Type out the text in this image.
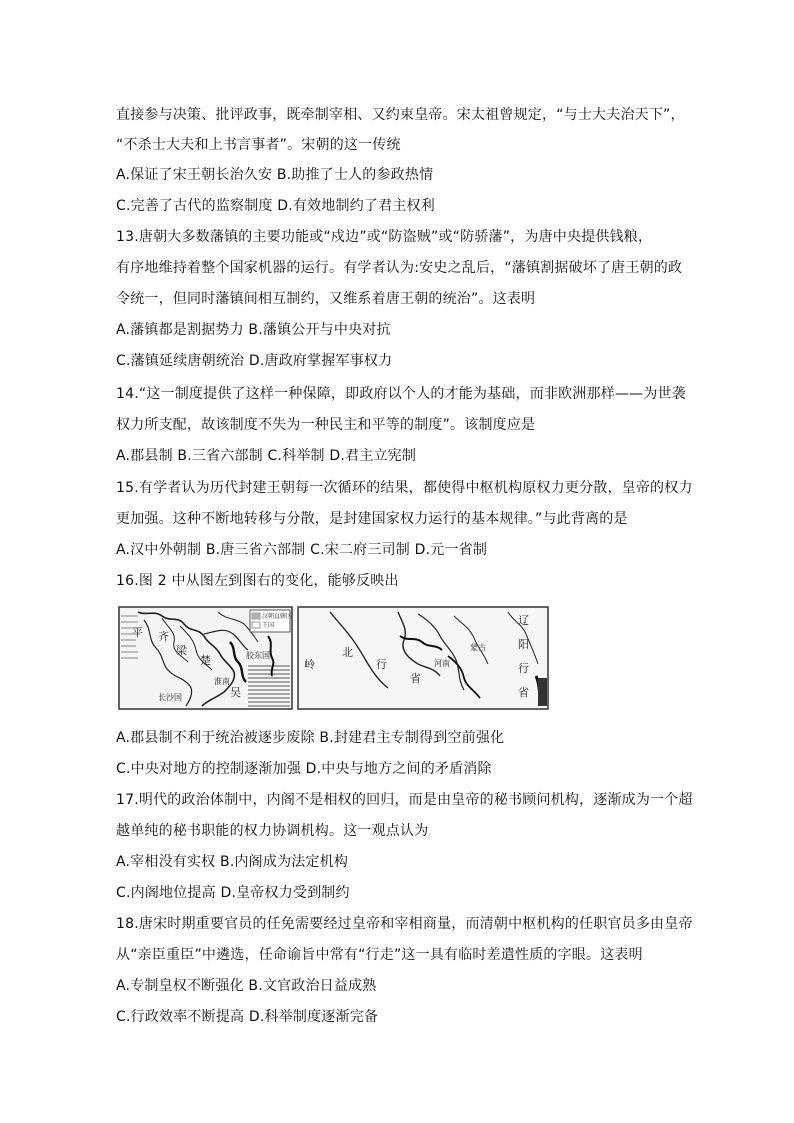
直接参与决策、批评政事，既牵制宰相、又约束皇帝。宋太祖曾规定，“与士大夫治天下”，
“不杀士大夫和上书言事者”。宋朝的这一传统
A.保证了宋王朝长治久安 B.助推了士人的参政热情
C.完善了古代的监察制度 D.有效地制约了君主权利
13.唐朝大多数藩镇的主要功能或“戍边”或“防盗贼”或“防骄藩”，为唐中央提供钱粮，
有序地维持着整个国家机器的运行。有学者认为:安史之乱后，“藩镇割据破坏了唐王朝的政
令统一，但同时藩镇间相互制约，又维系着唐王朝的统治”。这表明
A.藩镇都是割据势力 B.藩镇公开与中央对抗
C.藩镇延续唐朝统治 D.唐政府掌握军事权力
14.“这一制度提供了这样一种保障，即政府以个人的才能为基础，而非欧洲那样——为世袭
权力所支配，故该制度不失为一种民主和平等的制度”。该制度应是
A.郡县制 B.三省六部制 C.科举制 D.君主立宪制
15.有学者认为历代封建王朝每一次循环的结果，都使得中枢机构原权力更分散，皇帝的权力
更加强。这种不断地转移与分散，是封建国家权力运行的基本规律。”与此背离的是
A.汉中外朝制 B.唐三省六部制 C.宋二府三司制 D.元一省制
16.图 2 中从图左到图右的变化，能够反映出
汉朝直辖区
王国
平 齐
梁
楚
长沙国
淮南
吴
胶东国
岭
北
行
省
辽
阳
行
省
蒙古
河南
A.郡县制不利于统治被逐步废除 B.封建君主专制得到空前强化
C.中央对地方的控制逐渐加强 D.中央与地方之间的矛盾消除
17.明代的政治体制中，内阁不是相权的回归，而是由皇帝的秘书顾问机构，逐渐成为一个超
越单纯的秘书职能的权力协调机构。这一观点认为
A.宰相没有实权 B.内阁成为法定机构
C.内阁地位提高 D.皇帝权力受到制约
18.唐宋时期重要官员的任免需要经过皇帝和宰相商量，而清朝中枢机构的任职官员多由皇帝
从“亲臣重臣”中遴选，任命谕旨中常有“行走”这一具有临时差遣性质的字眼。这表明
A.专制皇权不断强化 B.文官政治日益成熟
C.行政效率不断提高 D.科举制度逐渐完备
